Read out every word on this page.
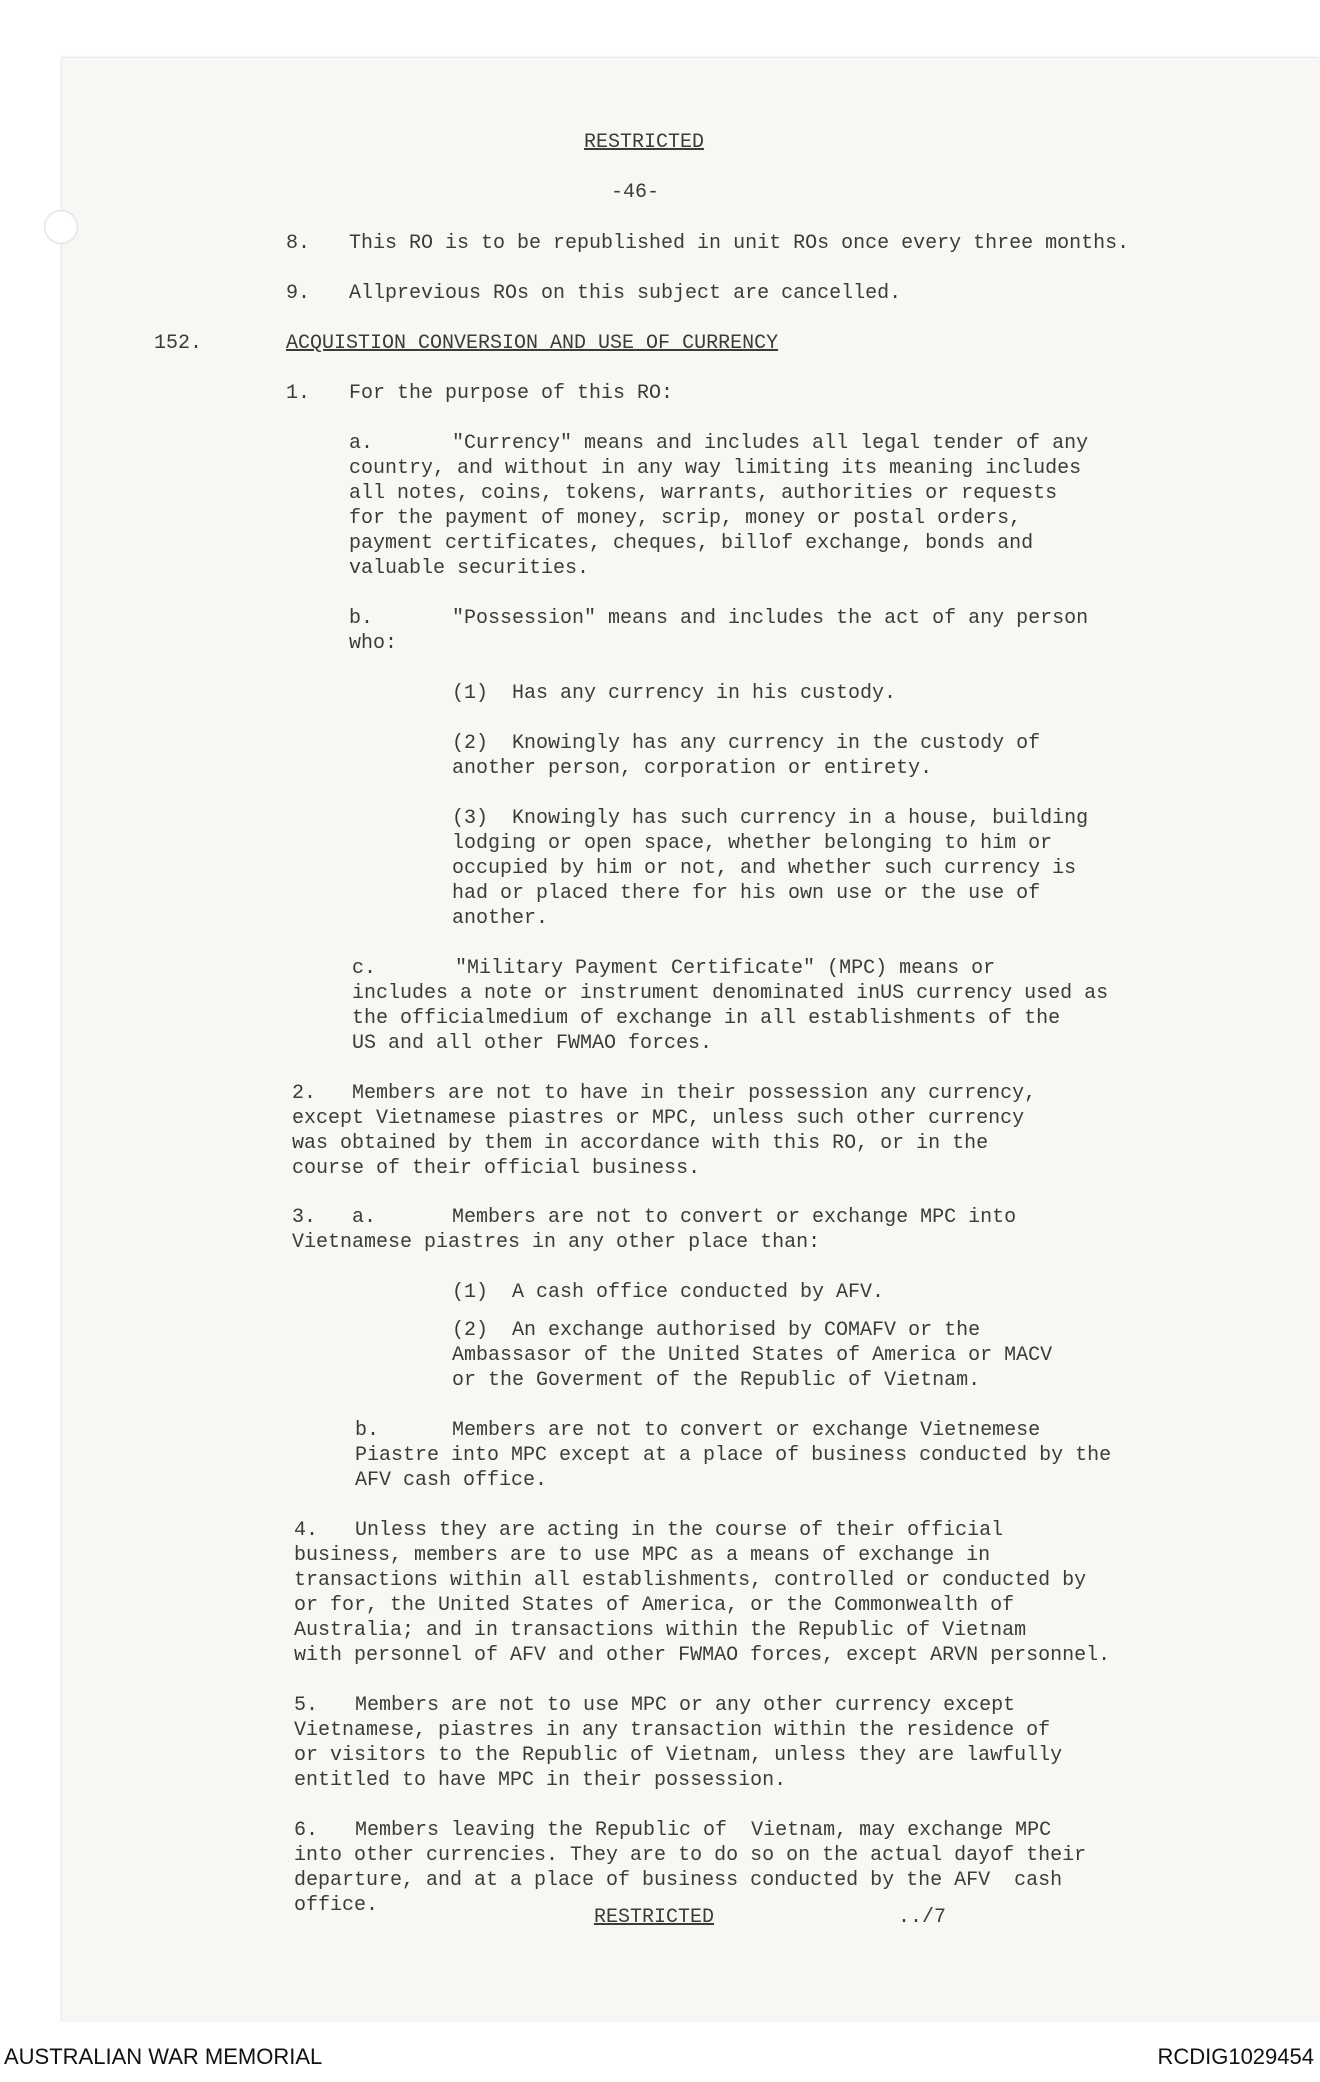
RESTRICTED

-46-

8. This RO is to be republished in unit ROs once every three months.

9. Allprevious ROs on this subject are cancelled.

152.	ACQUISTION CONVERSION AND USE OF CURRENCY

1. For the purpose of this RO:

a.	"Currency" means and includes all legal tender of any

country, and without in any way limiting its meaning includes

all notes, coins, tokens, warrants, authorities or requests

for the payment of money, scrip, money or postal orders,

payment certificates, cheques, billof exchange, bonds and

valuable securities.

b.	"Possession" means and includes the act of any person

who:

(1) Has any currency in his custody.

(2) Knowingly has any currency in the custody of

another person, corporation or entirety.

(3) Knowingly has such currency in a house, building

lodging or open space, whether belonging to him or

occupied by him or not, and whether such currency is

had or placed there for his own use or the use of

another.

c.	"Military Payment Certificate" (MPC) means or

includes a note or instrument denominated inUS currency used as

the officialmedium of exchange in all establishments of the

US and all other FWMAO forces.

2. Members are not to have in their possession any currency,

except Vietnamese piastres or MPC, unless such other currency

was obtained by them in accordance with this RO, or in the

course of their official business.

3. a.	Members are not to convert or exchange MPC into

Vietnamese piastres in any other place than:

(1) A cash office conducted by AFV.

(2) An exchange authorised by COMAFV or the

Ambassasor of the United States of America or MACV

or the Goverment of the Republic of Vietnam.

b.	Members are not to convert or exchange Vietnemese

Piastre into MPC except at a place of business conducted by the

AFV cash office.

4. Unless they are acting in the course of their official

business, members are to use MPC as a means of exchange in

transactions within all establishments, controlled or conducted by

or for, the United States of America, or the Commonwealth of

Australia; and in transactions within the Republic of Vietnam

with personnel of AFV and other FWMAO forces, except ARVN personnel.

5. Members are not to use MPC or any other currency except

Vietnamese, piastres in any transaction within the residence of

or visitors to the Republic of Vietnam, unless they are lawfully

entitled to have MPC in their possession.

6. Members leaving the Republic of  Vietnam, may exchange MPC

into other currencies. They are to do so on the actual dayof their

departure, and at a place of business conducted by the AFV  cash

office.

RESTRICTED	../7

AUSTRALIAN WAR MEMORIAL	RCDIG1029454
